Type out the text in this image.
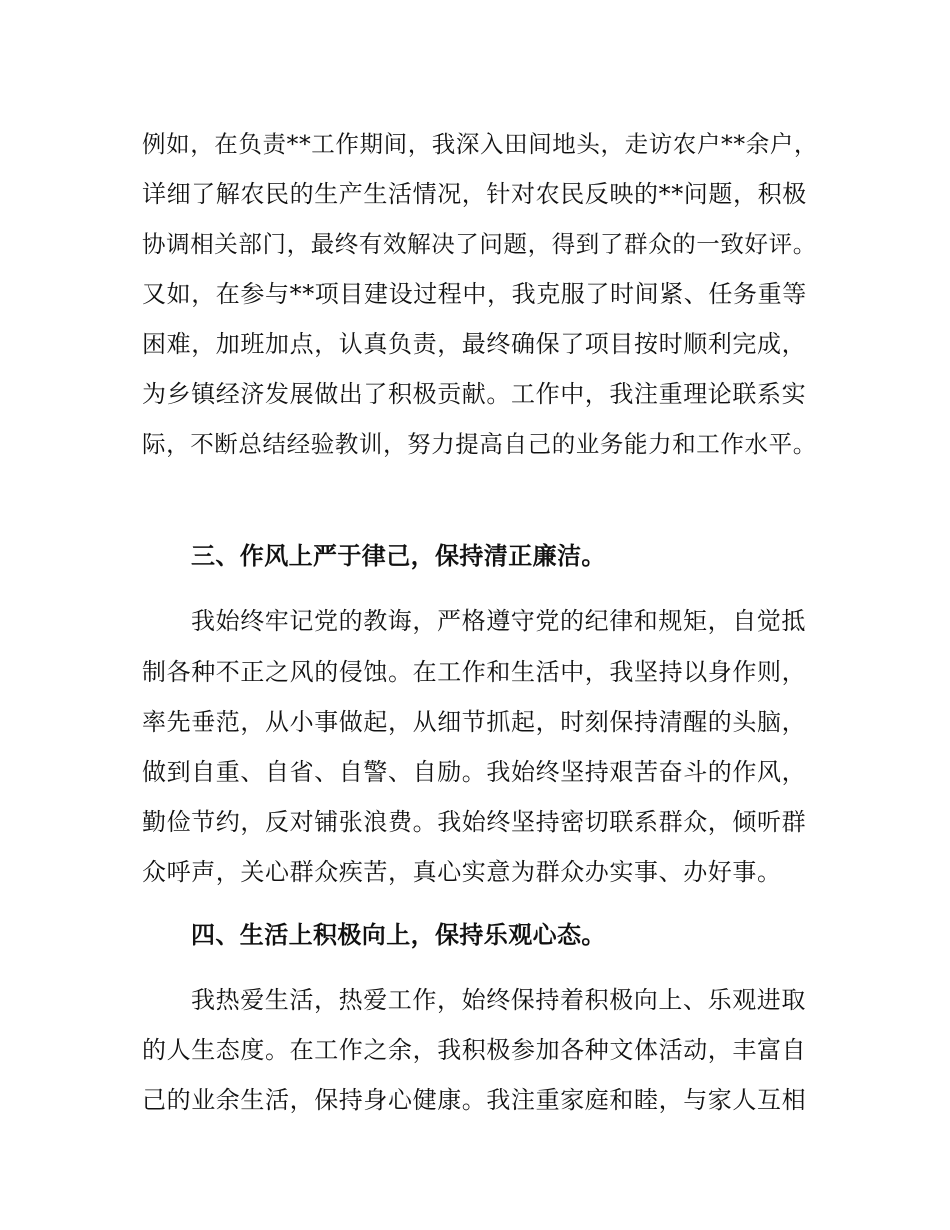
例如，在负责**工作期间，我深入田间地头，走访农户**余户，
详细了解农民的生产生活情况，针对农民反映的**问题，积极
协调相关部门，最终有效解决了问题，得到了群众的一致好评。
又如，在参与**项目建设过程中，我克服了时间紧、任务重等
困难，加班加点，认真负责，最终确保了项目按时顺利完成，
为乡镇经济发展做出了积极贡献。工作中，我注重理论联系实
际，不断总结经验教训，努力提高自己的业务能力和工作水平。
三、作风上严于律己，保持清正廉洁。
我始终牢记党的教诲，严格遵守党的纪律和规矩，自觉抵
制各种不正之风的侵蚀。在工作和生活中，我坚持以身作则，
率先垂范，从小事做起，从细节抓起，时刻保持清醒的头脑，
做到自重、自省、自警、自励。我始终坚持艰苦奋斗的作风，
勤俭节约，反对铺张浪费。我始终坚持密切联系群众，倾听群
众呼声，关心群众疾苦，真心实意为群众办实事、办好事。
四、生活上积极向上，保持乐观心态。
我热爱生活，热爱工作，始终保持着积极向上、乐观进取
的人生态度。在工作之余，我积极参加各种文体活动，丰富自
己的业余生活，保持身心健康。我注重家庭和睦，与家人互相
